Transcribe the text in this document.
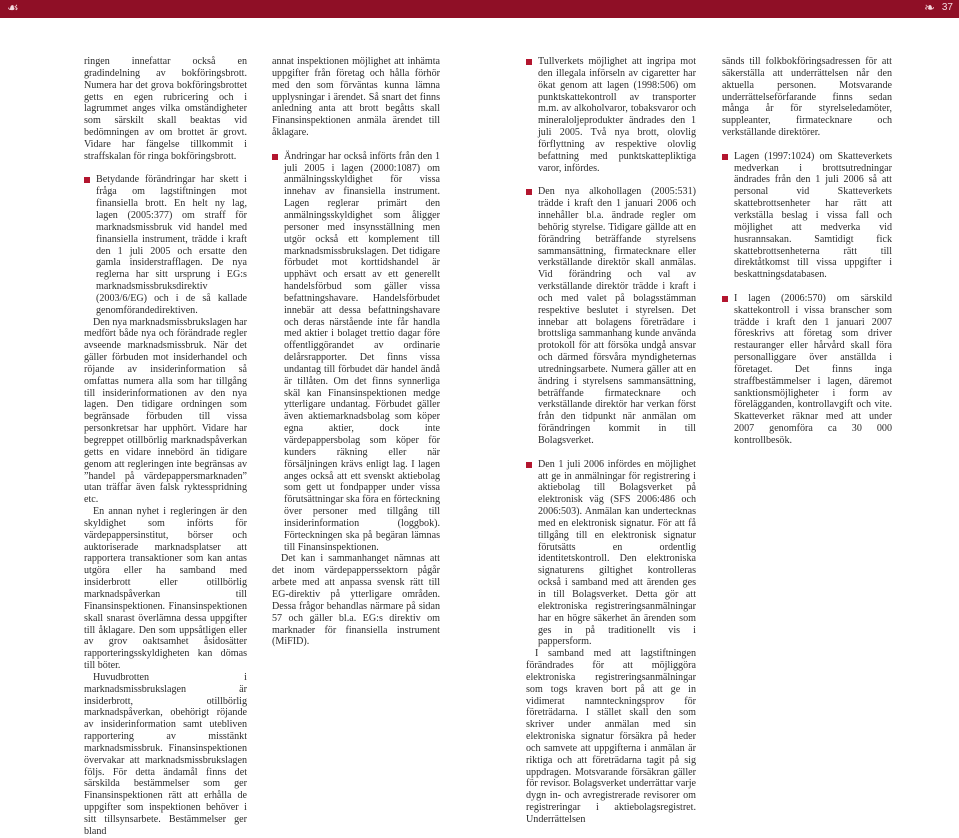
☙	❧ 37

ringen innefattar också en gradindelning av bokföringsbrott. Numera har det grova bokföringsbrottet getts en egen rubricering och i lagrummet anges vilka omständigheter som särskilt skall beaktas vid bedömningen av om brottet är grovt. Vidare har fängelse tillkommit i straffskalan för ringa bokföringsbrott.

Betydande förändringar har skett i fråga om lagstiftningen mot finansiella brott. En helt ny lag, lagen (2005:377) om straff för marknadsmissbruk vid handel med finansiella instrument, trädde i kraft den 1 juli 2005 och ersatte den gamla insiderstrafflagen. De nya reglerna har sitt ursprung i EG:s marknadsmissbruksdirektiv (2003/6/EG) och i de så kallade genomförandedirektiven.

Den nya marknadsmissbrukslagen har medfört både nya och förändrade regler avseende marknadsmissbruk. När det gäller förbuden mot insiderhandel och röjande av insiderinformation så omfattas numera alla som har tillgång till insiderinformationen av den nya lagen. Den tidigare ordningen som begränsade förbuden till vissa personkretsar har upphört. Vidare har begreppet otillbörlig marknadspåverkan getts en vidare innebörd än tidigare genom att regleringen inte begränsas av ”handel på värdepappersmarknaden” utan träffar även falsk ryktesspridning etc.

En annan nyhet i regleringen är den skyldighet som införts för värdepappersinstitut, börser och auktoriserade marknadsplatser att rapportera transaktioner som kan antas utgöra eller ha samband med insiderbrott eller otillbörlig marknadspåverkan till Finansinspektionen. Finansinspektionen skall snarast överlämna dessa uppgifter till åklagare. Den som uppsåtligen eller av grov oaktsamhet åsidosätter rapporteringsskyldigheten kan dömas till böter.

Huvudbrotten i marknadsmissbrukslagen är insiderbrott, otillbörlig marknadspåverkan, obehörigt röjande av insiderinformation samt utebliven rapportering av misstänkt marknadsmissbruk. Finansinspektionen övervakar att marknadsmissbrukslagen följs. För detta ändamål finns det särskilda bestämmelser som ger Finansinspektionen rätt att erhålla de uppgifter som inspektionen behöver i sitt tillsynsarbete. Bestämmelser ger bland

annat inspektionen möjlighet att inhämta uppgifter från företag och hålla förhör med den som förväntas kunna lämna upplysningar i ärendet. Så snart det finns anledning anta att brott begåtts skall Finansinspektionen anmäla ärendet till åklagare.

Ändringar har också införts från den 1 juli 2005 i lagen (2000:1087) om anmälningsskyldighet för vissa innehav av finansiella instrument. Lagen reglerar primärt den anmälningsskyldighet som åligger personer med insynsställning men utgör också ett komplement till marknadsmissbrukslagen. Det tidigare förbudet mot korttidshandel är upphävt och ersatt av ett generellt handelsförbud som gäller vissa befattningshavare. Handelsförbudet innebär att dessa befattningshavare och deras närstående inte får handla med aktier i bolaget trettio dagar före offentliggörandet av ordinarie delårsrapporter. Det finns vissa undantag till förbudet där handel ändå är tillåten. Om det finns synnerliga skäl kan Finansinspektionen medge ytterligare undantag. Förbudet gäller även aktiemarknadsbolag som köper egna aktier, dock inte värdepappersbolag som köper för kunders räkning eller när försäljningen krävs enligt lag. I lagen anges också att ett svenskt aktiebolag som gett ut fondpapper under vissa förutsättningar ska föra en förteckning över personer med tillgång till insiderinformation (loggbok). Förteckningen ska på begäran lämnas till Finansinspektionen.

Det kan i sammanhanget nämnas att det inom värdepapperssektorn pågår arbete med att anpassa svensk rätt till EG-direktiv på ytterligare områden. Dessa frågor behandlas närmare på sidan 57 och gäller bl.a. EG:s direktiv om marknader för finansiella instrument (MiFID).

Tullverkets möjlighet att ingripa mot den illegala införseln av cigaretter har ökat genom att lagen (1998:506) om punktskattekontroll av transporter m.m. av alkoholvaror, tobaksvaror och mineraloljeprodukter ändrades den 1 juli 2005. Två nya brott, olovlig förflyttning av respektive olovlig befattning med punktskattepliktiga varor, infördes.

Den nya alkohollagen (2005:531) trädde i kraft den 1 januari 2006 och innehåller bl.a. ändrade regler om behörig styrelse. Tidigare gällde att en förändring beträffande styrelsens sammansättning, firmatecknare eller verkställande direktör skall anmälas. Vid förändring och val av verkställande direktör trädde i kraft i och med valet på bolagsstämman respektive beslutet i styrelsen. Det innebar att bolagens företrädare i brottsliga sammanhang kunde använda protokoll för att försöka undgå ansvar och därmed försvåra myndigheternas utredningsarbete. Numera gäller att en ändring i styrelsens sammansättning, beträffande firmatecknare och verkställande direktör har verkan först från den tidpunkt när anmälan om förändringen kommit in till Bolagsverket.

Den 1 juli 2006 infördes en möjlighet att ge in anmälningar för registrering i aktiebolag till Bolagsverket på elektronisk väg (SFS 2006:486 och 2006:503). Anmälan kan undertecknas med en elektronisk signatur. För att få tillgång till en elektronisk signatur förutsätts en ordentlig identitetskontroll. Den elektroniska signaturens giltighet kontrolleras också i samband med att ärenden ges in till Bolagsverket. Detta gör att elektroniska registreringsanmälningar har en högre säkerhet än ärenden som ges in på traditionellt vis i pappersform.

I samband med att lagstiftningen förändrades för att möjliggöra elektroniska registreringsanmälningar som togs kraven bort på att ge in vidimerat namnteckningsprov för företrädarna. I stället skall den som skriver under anmälan med sin elektroniska signatur försäkra på heder och samvete att uppgifterna i anmälan är riktiga och att företrädarna tagit på sig uppdragen. Motsvarande försäkran gäller för revisor. Bolagsverket underrättar varje dygn in- och avregistrerade revisorer om registreringar i aktiebolagsregistret. Underrättelsen

sänds till folkbokföringsadressen för att säkerställa att underrättelsen når den aktuella personen. Motsvarande underrättelseförfarande finns sedan många år för styrelseledamöter, suppleanter, firmatecknare och verkställande direktörer.

Lagen (1997:1024) om Skatteverkets medverkan i brottsutredningar ändrades från den 1 juli 2006 så att personal vid Skatteverkets skattebrottsenheter har rätt att verkställa beslag i vissa fall och möjlighet att medverka vid husrannsakan. Samtidigt fick skattebrottsenheterna rätt till direktåtkomst till vissa uppgifter i beskattningsdatabasen.

I lagen (2006:570) om särskild skattekontroll i vissa branscher som trädde i kraft den 1 januari 2007 föreskrivs att företag som driver restauranger eller hårvård skall föra personalliggare över anställda i företaget. Det finns inga straffbestämmelser i lagen, däremot sanktionsmöjligheter i form av förelägganden, kontrollavgift och vite. Skatteverket räknar med att under 2007 genomföra ca 30 000 kontrollbesök.
